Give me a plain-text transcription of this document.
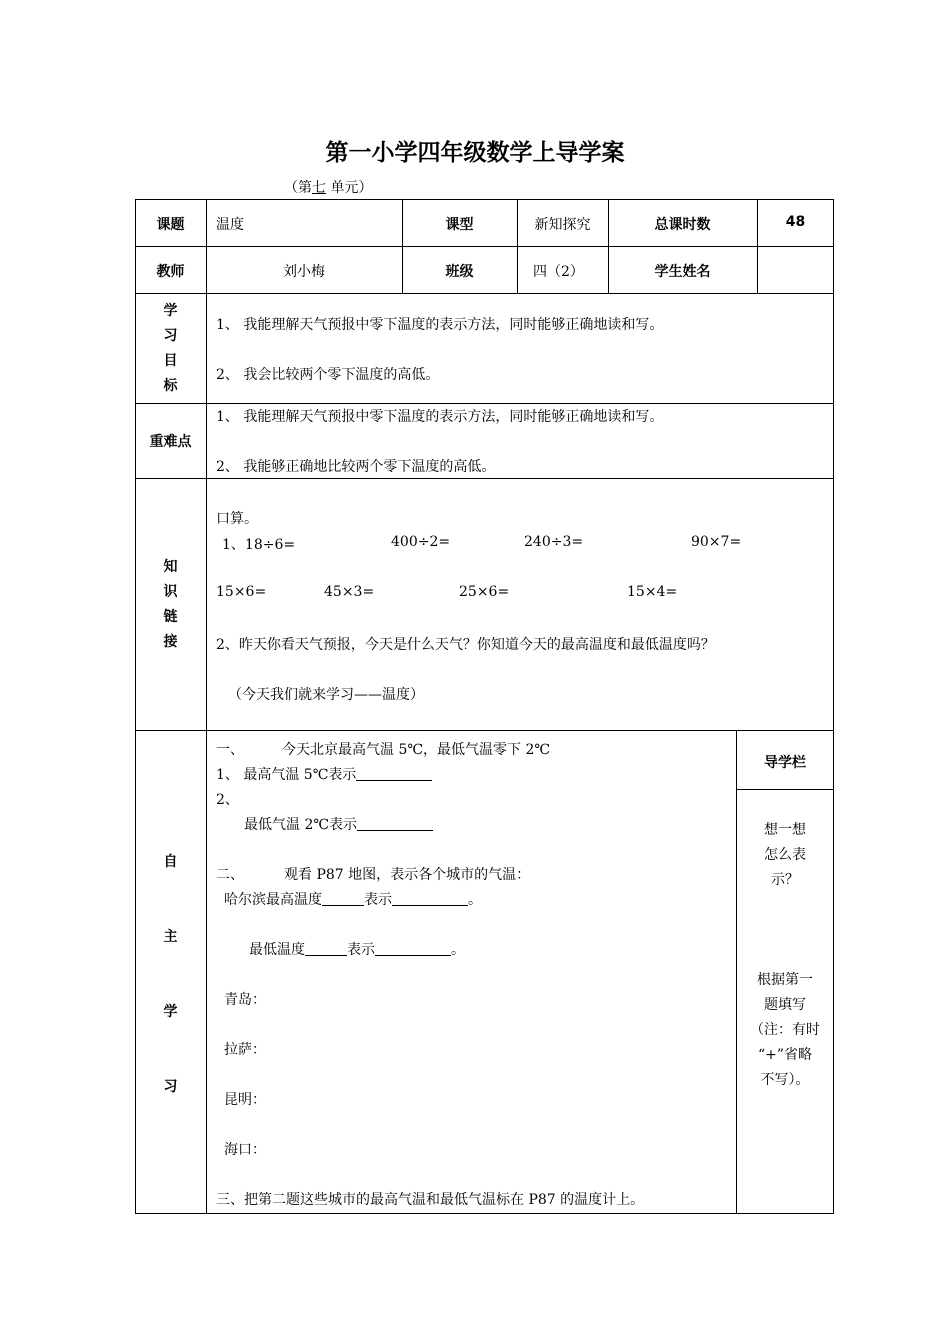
第一小学四年级数学上导学案
（第七 单元）
课题	温度	课型	新知探究	总课时数	48
教师	刘小梅	班级	四（2）	学生姓名
学
习
目
标
1、 我能理解天气预报中零下温度的表示方法，同时能够正确地读和写。
2、 我会比较两个零下温度的高低。
重难点
1、 我能理解天气预报中零下温度的表示方法，同时能够正确地读和写。
2、 我能够正确地比较两个零下温度的高低。
知
识
链
接
口算。
1、18÷6=	400÷2=	240÷3=	90×7=
15×6=	45×3=	25×6=	15×4=
2、昨天你看天气预报，今天是什么天气？你知道今天的最高温度和最低温度吗？
（今天我们就来学习——温度）
自
主
学
习
一、	今天北京最高气温 5℃，最低气温零下 2℃
1、 最高气温 5℃表示
2、
最低气温 2℃表示
二、	观看 P87 地图，表示各个城市的气温：
哈尔滨最高温度	表示	。
最低温度	表示	。
青岛：
拉萨：
昆明：
海口：
三、把第二题这些城市的最高气温和最低气温标在 P87 的温度计上。
导学栏
想一想
怎么表
示？
根据第一
题填写
（注：有时
“+”省略
不写）。
